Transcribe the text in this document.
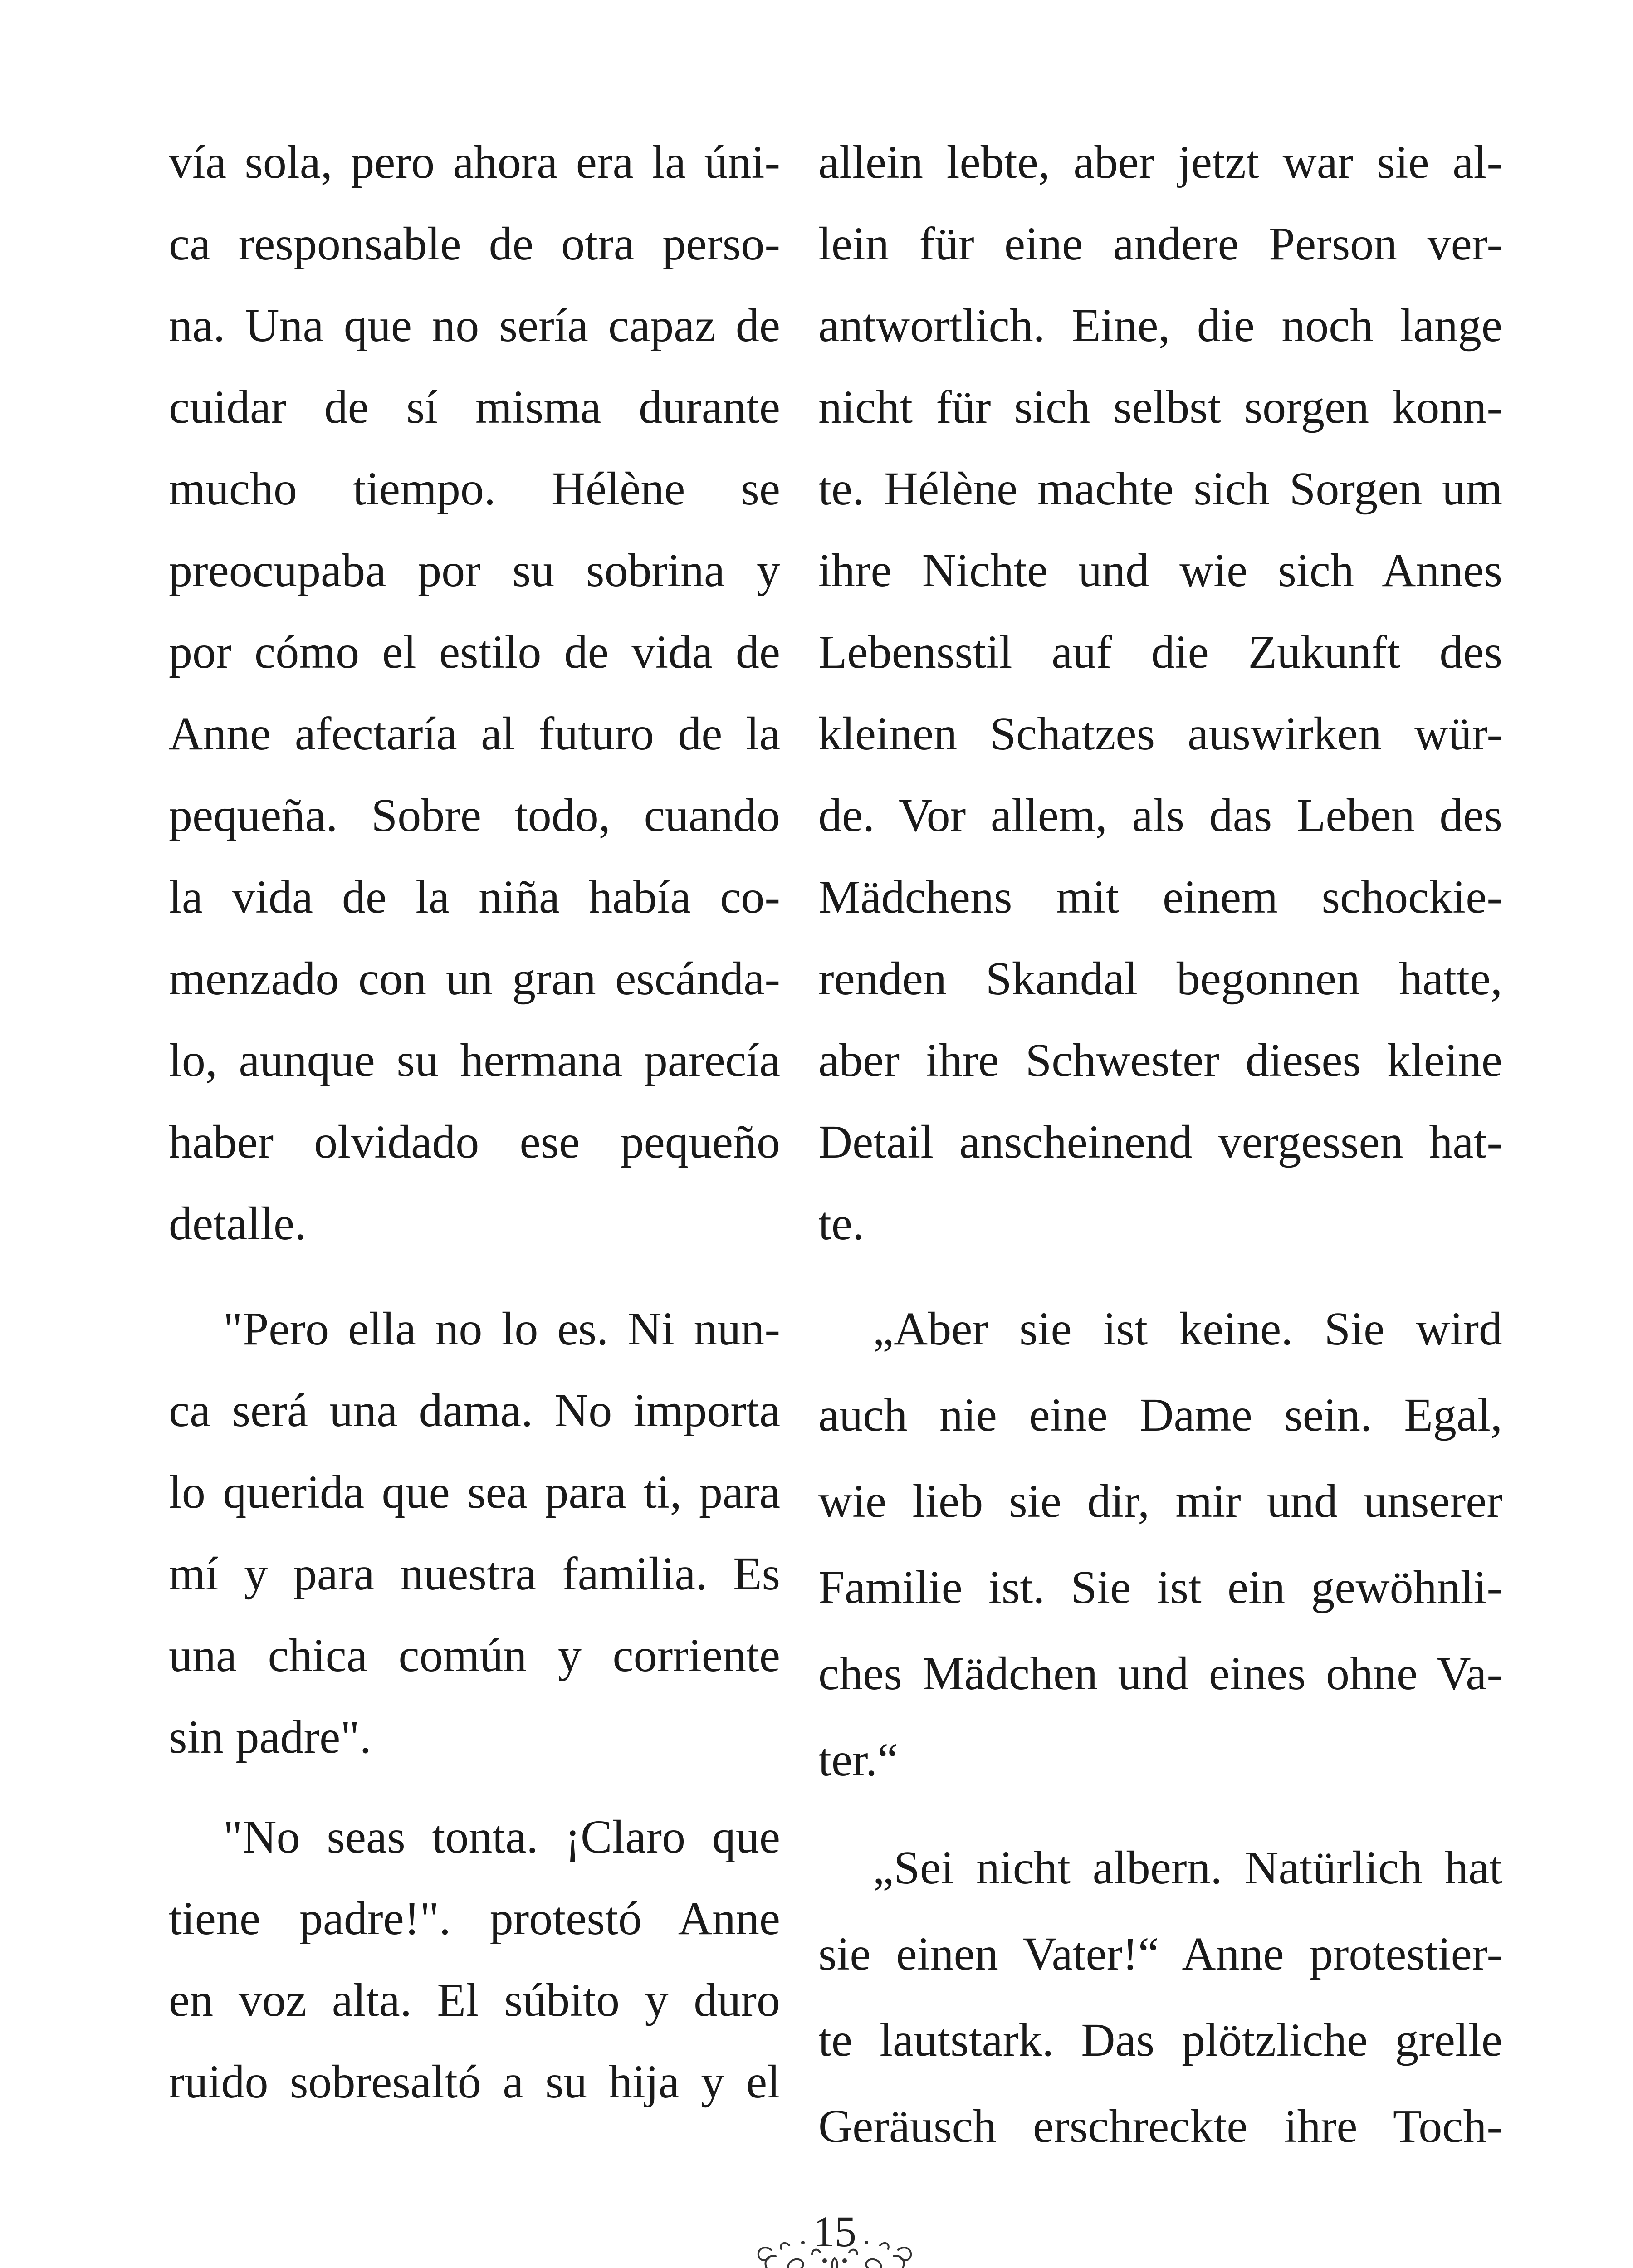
vía sola, pero ahora era la úni-
ca responsable de otra perso-
na. Una que no sería capaz de
cuidar de sí misma durante
mucho tiempo. Hélène se
preocupaba por su sobrina y
por cómo el estilo de vida de
Anne afectaría al futuro de la
pequeña. Sobre todo, cuando
la vida de la niña había co-
menzado con un gran escánda-
lo, aunque su hermana parecía
haber olvidado ese pequeño
detalle.
"Pero ella no lo es. Ni nun-
ca será una dama. No importa
lo querida que sea para ti, para
mí y para nuestra familia. Es
una chica común y corriente
sin padre".
"No seas tonta. ¡Claro que
tiene padre!". protestó Anne
en voz alta. El súbito y duro
ruido sobresaltó a su hija y el
allein lebte, aber jetzt war sie al-
lein für eine andere Person ver-
antwortlich. Eine, die noch lange
nicht für sich selbst sorgen konn-
te. Hélène machte sich Sorgen um
ihre Nichte und wie sich Annes
Lebensstil auf die Zukunft des
kleinen Schatzes auswirken wür-
de. Vor allem, als das Leben des
Mädchens mit einem schockie-
renden Skandal begonnen hatte,
aber ihre Schwester dieses kleine
Detail anscheinend vergessen hat-
te.
„Aber sie ist keine. Sie wird
auch nie eine Dame sein. Egal,
wie lieb sie dir, mir und unserer
Familie ist. Sie ist ein gewöhnli-
ches Mädchen und eines ohne Va-
ter.“
„Sei nicht albern. Natürlich hat
sie einen Vater!“ Anne protestier-
te lautstark. Das plötzliche grelle
Geräusch erschreckte ihre Toch-
15
